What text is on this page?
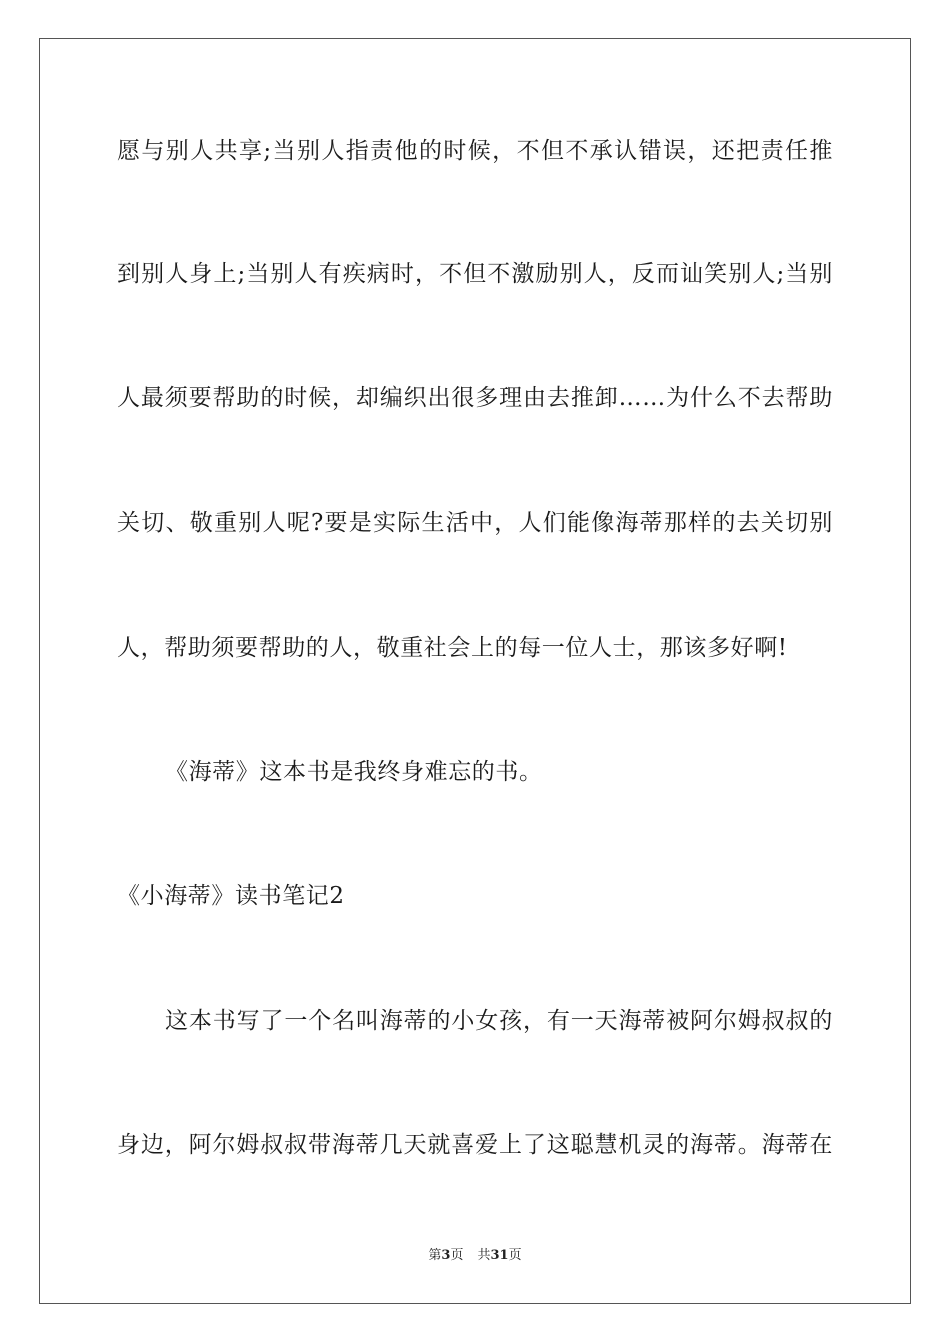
愿与别人共享;当别人指责他的时候，不但不承认错误，还把责任推
到别人身上;当别人有疾病时，不但不激励别人，反而讪笑别人;当别
人最须要帮助的时候，却编织出很多理由去推卸……为什么不去帮助
关切、敬重别人呢?要是实际生活中，人们能像海蒂那样的去关切别
人，帮助须要帮助的人，敬重社会上的每一位人士，那该多好啊!
《海蒂》这本书是我终身难忘的书。
《小海蒂》读书笔记2
这本书写了一个名叫海蒂的小女孩，有一天海蒂被阿尔姆叔叔的
身边，阿尔姆叔叔带海蒂几天就喜爱上了这聪慧机灵的海蒂。海蒂在
第3页 共31页
